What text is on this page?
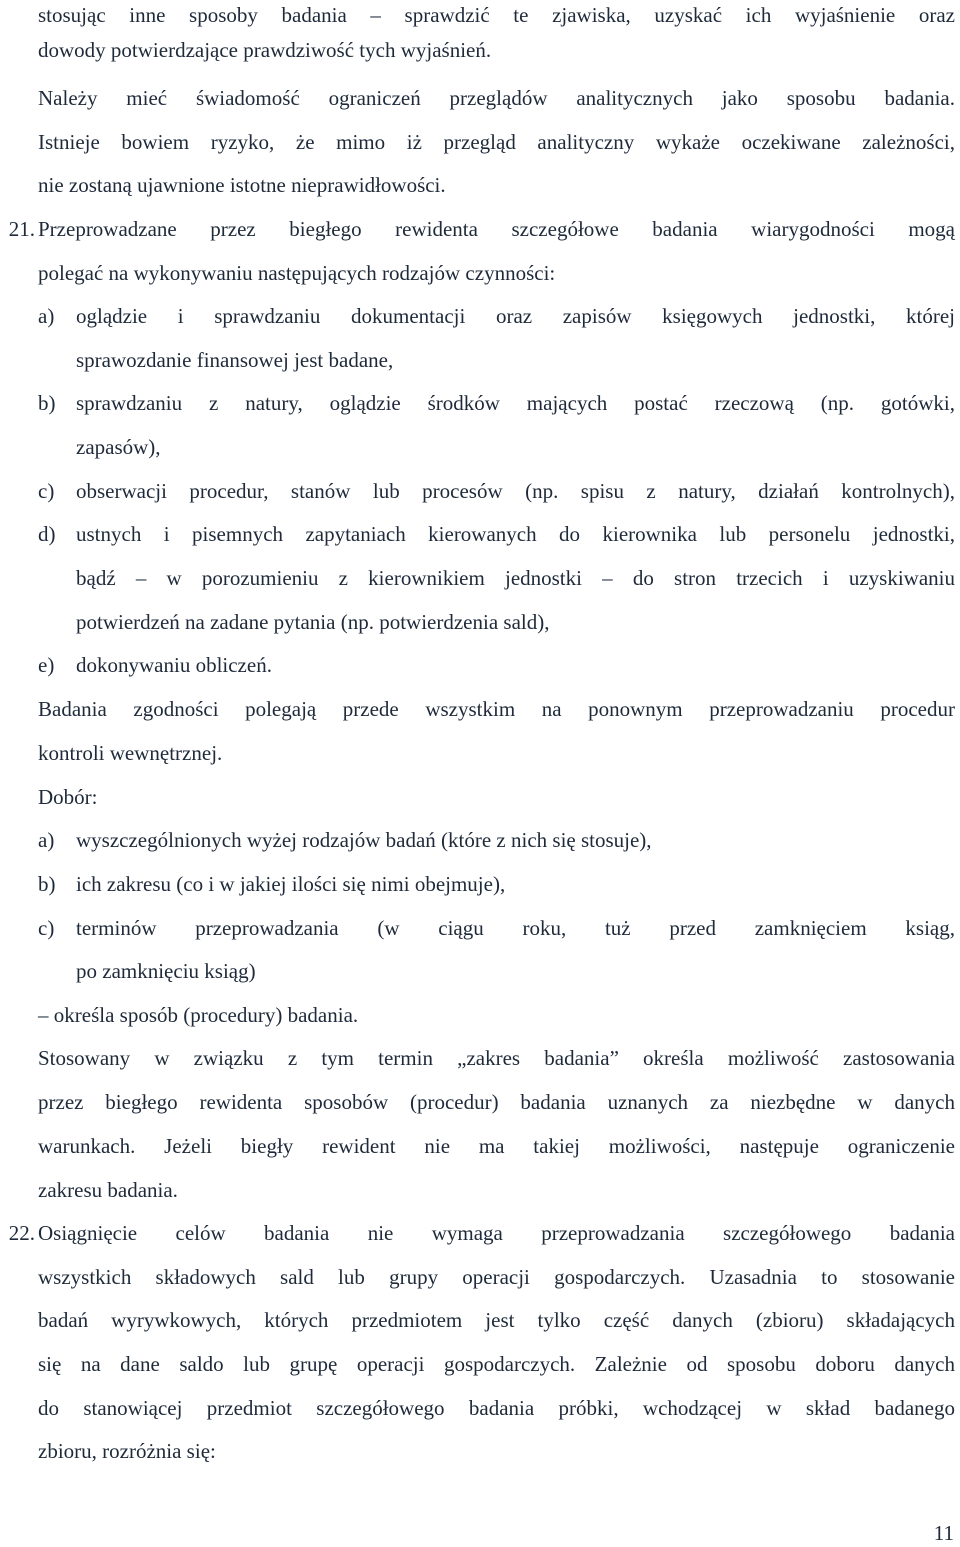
stosując inne sposoby badania – sprawdzić te zjawiska, uzyskać ich wyjaśnienie oraz
dowody potwierdzające prawdziwość tych wyjaśnień.
Należy mieć świadomość ograniczeń przeglądów analitycznych jako sposobu badania.
Istnieje bowiem ryzyko, że mimo iż przegląd analityczny wykaże oczekiwane zależności,
nie zostaną ujawnione istotne nieprawidłowości.
21. Przeprowadzane przez biegłego rewidenta szczegółowe badania wiarygodności mogą
polegać na wykonywaniu następujących rodzajów czynności:
a) oglądzie i sprawdzaniu dokumentacji oraz zapisów księgowych jednostki, której
sprawozdanie finansowej jest badane,
b) sprawdzaniu z natury, oglądzie środków mających postać rzeczową (np. gotówki,
zapasów),
c) obserwacji procedur, stanów lub procesów (np. spisu z natury, działań kontrolnych),
d) ustnych i pisemnych zapytaniach kierowanych do kierownika lub personelu jednostki,
bądź – w porozumieniu z kierownikiem jednostki – do stron trzecich i uzyskiwaniu
potwierdzeń na zadane pytania (np. potwierdzenia sald),
e) dokonywaniu obliczeń.
Badania zgodności polegają przede wszystkim na ponownym przeprowadzaniu procedur
kontroli wewnętrznej.
Dobór:
a) wyszczególnionych wyżej rodzajów badań (które z nich się stosuje),
b) ich zakresu (co i w jakiej ilości się nimi obejmuje),
c) terminów przeprowadzania (w ciągu roku, tuż przed zamknięciem ksiąg,
po zamknięciu ksiąg)
– określa sposób (procedury) badania.
Stosowany w związku z tym termin „zakres badania” określa możliwość zastosowania
przez biegłego rewidenta sposobów (procedur) badania uznanych za niezbędne w danych
warunkach. Jeżeli biegły rewident nie ma takiej możliwości, następuje ograniczenie
zakresu badania.
22. Osiągnięcie celów badania nie wymaga przeprowadzania szczegółowego badania
wszystkich składowych sald lub grupy operacji gospodarczych. Uzasadnia to stosowanie
badań wyrywkowych, których przedmiotem jest tylko część danych (zbioru) składających
się na dane saldo lub grupę operacji gospodarczych. Zależnie od sposobu doboru danych
do stanowiącej przedmiot szczegółowego badania próbki, wchodzącej w skład badanego
zbioru, rozróżnia się:
11
